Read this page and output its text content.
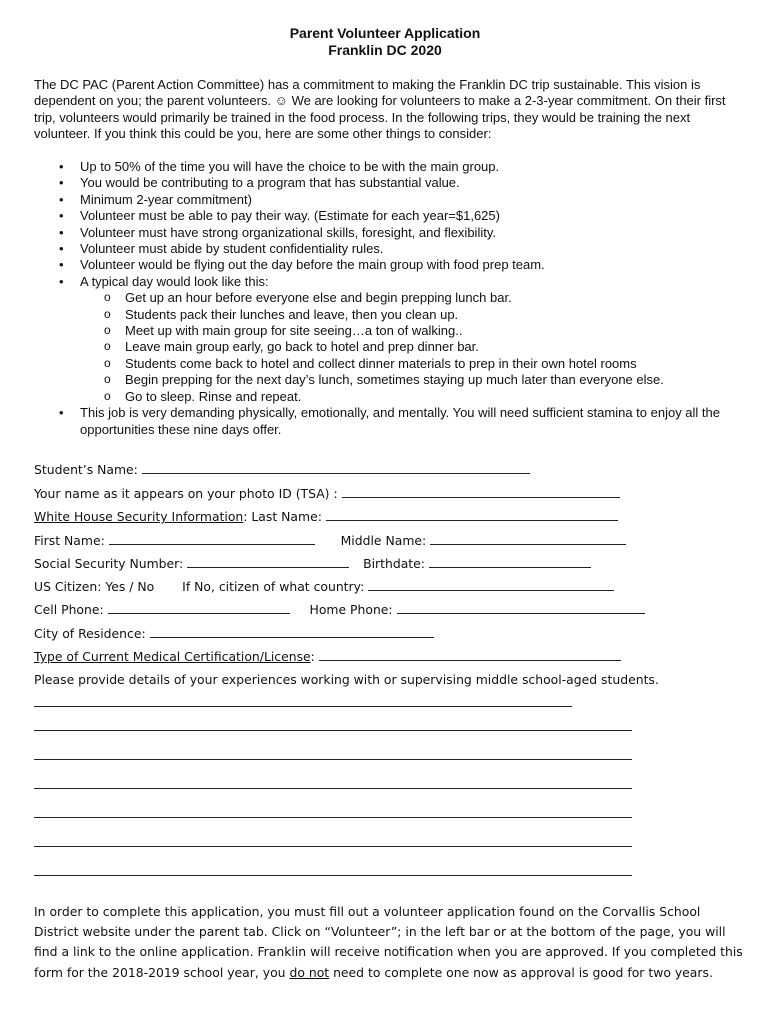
Parent Volunteer Application
Franklin DC 2020

The DC PAC (Parent Action Committee) has a commitment to making the Franklin DC trip sustainable. This vision is dependent on you; the parent volunteers. ☺ We are looking for volunteers to make a 2-3-year commitment. On their first trip, volunteers would primarily be trained in the food process. In the following trips, they would be training the next volunteer. If you think this could be you, here are some other things to consider:

• Up to 50% of the time you will have the choice to be with the main group.
• You would be contributing to a program that has substantial value.
• Minimum 2-year commitment)
• Volunteer must be able to pay their way. (Estimate for each year=$1,625)
• Volunteer must have strong organizational skills, foresight, and flexibility.
• Volunteer must abide by student confidentiality rules.
• Volunteer would be flying out the day before the main group with food prep team.
• A typical day would look like this:
o Get up an hour before everyone else and begin prepping lunch bar.
o Students pack their lunches and leave, then you clean up.
o Meet up with main group for site seeing…a ton of walking..
o Leave main group early, go back to hotel and prep dinner bar.
o Students come back to hotel and collect dinner materials to prep in their own hotel rooms
o Begin prepping for the next day’s lunch, sometimes staying up much later than everyone else.
o Go to sleep. Rinse and repeat.
• This job is very demanding physically, emotionally, and mentally. You will need sufficient stamina to enjoy all the opportunities these nine days offer.
Student’s Name:
Your name as it appears on your photo ID (TSA) :
White House Security Information: Last Name:
First Name:	Middle Name:
Social Security Number:	Birthdate:
US Citizen: Yes / No If No, citizen of what country:
Cell Phone:	Home Phone:
City of Residence:
Type of Current Medical Certification/License:
Please provide details of your experiences working with or supervising middle school-aged students.

In order to complete this application, you must fill out a volunteer application found on the Corvallis School District website under the parent tab. Click on “Volunteer”; in the left bar or at the bottom of the page, you will find a link to the online application. Franklin will receive notification when you are approved. If you completed this form for the 2018-2019 school year, you do not need to complete one now as approval is good for two years.
